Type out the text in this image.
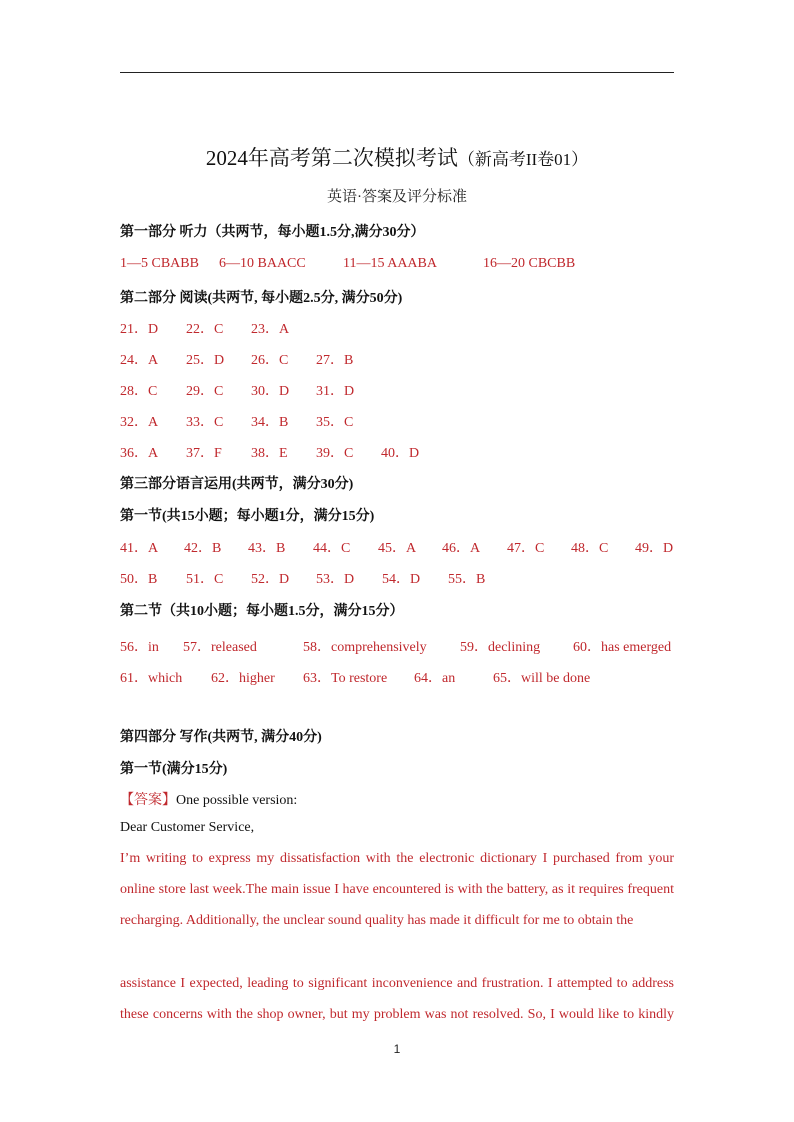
2024年高考第二次模拟考试（新高考II卷01）
英语·答案及评分标准
第一部分 听力（共两节，每小题1.5分,满分30分）
1—5 CBABB 6—10 BAACC	11—15 AAABA	16—20 CBCBB
第二部分 阅读(共两节, 每小题2.5分, 满分50分)
21．D 22．C 23．A
24．A 25．D 26．C 27．B
28．C 29．C 30．D 31．D
32．A 33．C 34．B 35．C
36．A 37．F 38．E 39．C 40．D
第三部分语言运用(共两节，满分30分)
第一节(共15小题；每小题1分，满分15分)
41．A 42．B 43．B 44．C 45．A 46．A 47．C 48．C 49．D
50．B 51．C 52．D 53．D 54．D 55．B
第二节（共10小题；每小题1.5分，满分15分）
56．in 57．released	58．comprehensively 59．declining 60．has emerged
61．which 62．higher 63．To restore 64．an	65．will be done
第四部分 写作(共两节, 满分40分)
第一节(满分15分)
【答案】One possible version:
Dear Customer Service,
I’m writing to express my dissatisfaction with the electronic dictionary I purchased from your
online store last week.The main issue I have encountered is with the battery, as it requires frequent
recharging. Additionally, the unclear sound quality has made it difficult for me to obtain the
assistance I expected, leading to significant inconvenience and frustration. I attempted to address
these concerns with the shop owner, but my problem was not resolved. So, I would like to kindly
1
